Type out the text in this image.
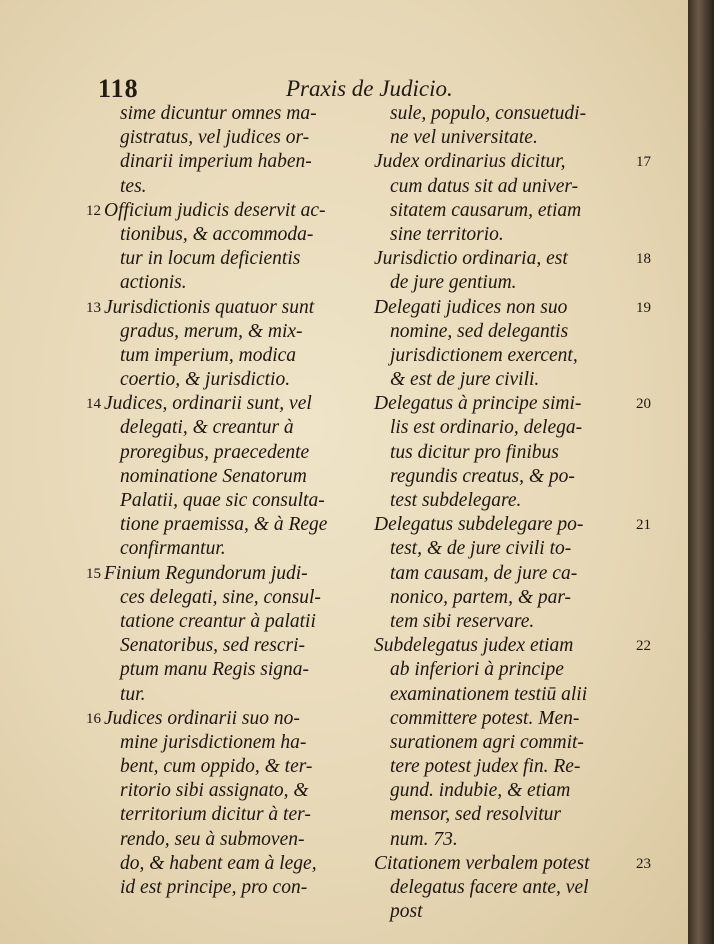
118	Praxis de Judicio.
sime dicuntur omnes ma-
gistratus, vel judices or-
dinarii imperium haben-
tes.
12 Officium judicis deservit ac-
tionibus, & accommoda-
tur in locum deficientis
actionis.
13 Jurisdictionis quatuor sunt
gradus, merum, & mix-
tum imperium, modica
coertio, & jurisdictio.
14 Judices, ordinarii sunt, vel
delegati, & creantur à
proregibus, praecedente
nominatione Senatorum
Palatii, quae sic consulta-
tione praemissa, & à Rege
confirmantur.
15 Finium Regundorum judi-
ces delegati, sine, consul-
tatione creantur à palatii
Senatoribus, sed rescri-
ptum manu Regis signa-
tur.
16 Judices ordinarii suo no-
mine jurisdictionem ha-
bent, cum oppido, & ter-
ritorio sibi assignato, &
territorium dicitur à ter-
rendo, seu à submoven-
do, & habent eam à lege,
id est principe, pro con-
sule, populo, consuetudi-
ne vel universitate.
17
Judex ordinarius dicitur,
cum datus sit ad univer-
sitatem causarum, etiam
sine territorio.
18
Jurisdictio ordinaria, est
de jure gentium.
19
Delegati judices non suo
nomine, sed delegantis
jurisdictionem exercent,
& est de jure civili.
20
Delegatus à principe simi-
lis est ordinario, delega-
tus dicitur pro finibus
regundis creatus, & po-
test subdelegare.
21
Delegatus subdelegare po-
test, & de jure civili to-
tam causam, de jure ca-
nonico, partem, & par-
tem sibi reservare.
22
Subdelegatus judex etiam
ab inferiori à principe
examinationem testiū alii
committere potest. Men-
surationem agri commit-
tere potest judex fin. Re-
gund. indubie, & etiam
mensor, sed resolvitur
num. 73.
23
Citationem verbalem potest
delegatus facere ante, vel
post
